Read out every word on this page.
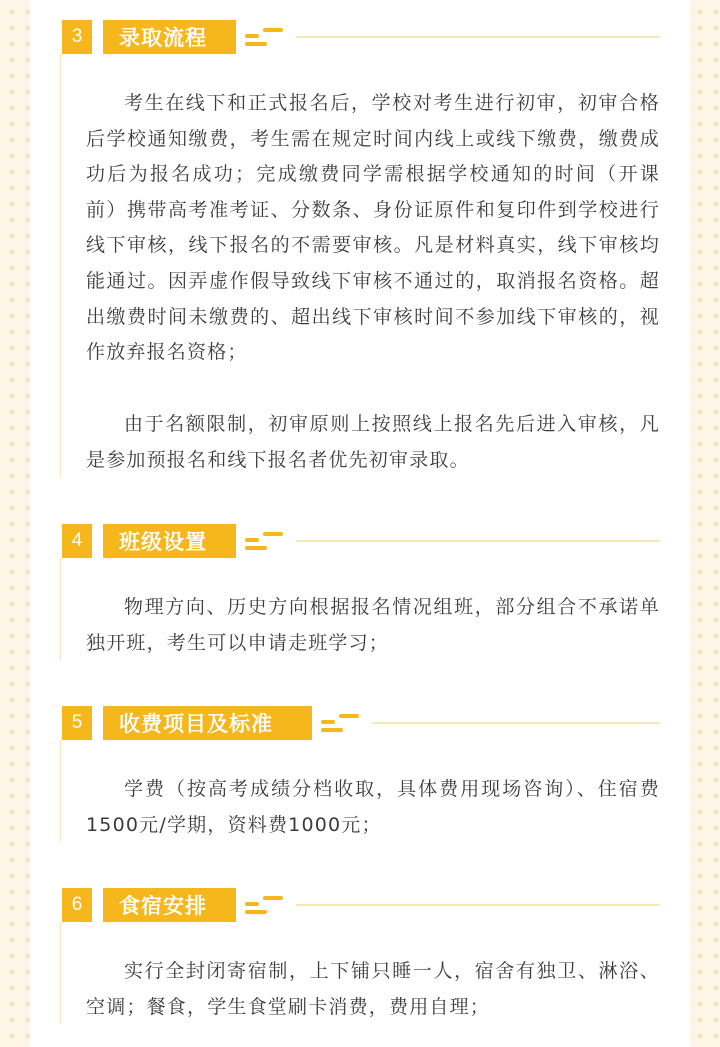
3	录取流程

考生在线下和正式报名后，学校对考生进行初审，初审合格后学校通知缴费，考生需在规定时间内线上或线下缴费，缴费成功后为报名成功；完成缴费同学需根据学校通知的时间（开课前）携带高考准考证、分数条、身份证原件和复印件到学校进行线下审核，线下报名的不需要审核。凡是材料真实，线下审核均能通过。因弄虚作假导致线下审核不通过的，取消报名资格。超出缴费时间未缴费的、超出线下审核时间不参加线下审核的，视作放弃报名资格；

由于名额限制，初审原则上按照线上报名先后进入审核，凡是参加预报名和线下报名者优先初审录取。

4	班级设置

物理方向、历史方向根据报名情况组班，部分组合不承诺单独开班，考生可以申请走班学习；

5	收费项目及标准

学费（按高考成绩分档收取，具体费用现场咨询）、住宿费1500元/学期，资料费1000元；

6	食宿安排

实行全封闭寄宿制，上下铺只睡一人，宿舍有独卫、淋浴、空调；餐食，学生食堂刷卡消费，费用自理；
